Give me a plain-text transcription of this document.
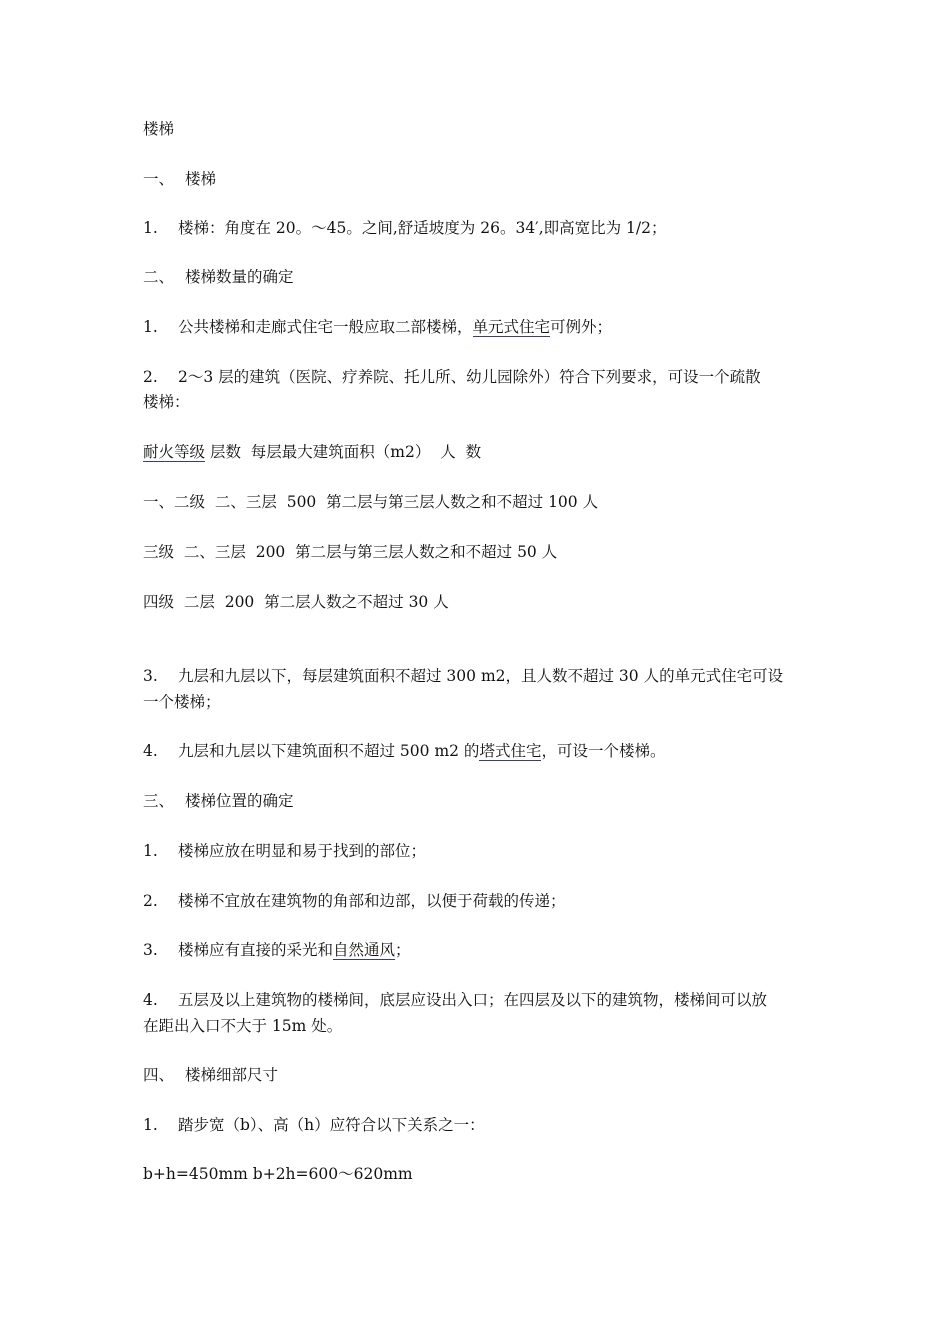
楼梯
一、 楼梯
1. 楼梯：角度在 20。～45。之间,舒适坡度为 26。34′,即高宽比为 1/2；
二、 楼梯数量的确定
1. 公共楼梯和走廊式住宅一般应取二部楼梯，单元式住宅可例外；
2. 2～3 层的建筑（医院、疗养院、托儿所、幼儿园除外）符合下列要求，可设一个疏散
楼梯：
耐火等级 层数  每层最大建筑面积（m2）  人  数
一、二级  二、三层  500  第二层与第三层人数之和不超过 100 人
三级  二、三层  200  第二层与第三层人数之和不超过 50 人
四级  二层  200  第二层人数之不超过 30 人
3. 九层和九层以下，每层建筑面积不超过 300 m2，且人数不超过 30 人的单元式住宅可设
一个楼梯；
4. 九层和九层以下建筑面积不超过 500 m2 的塔式住宅，可设一个楼梯。
三、 楼梯位置的确定
1. 楼梯应放在明显和易于找到的部位；
2. 楼梯不宜放在建筑物的角部和边部，以便于荷载的传递；
3. 楼梯应有直接的采光和自然通风；
4. 五层及以上建筑物的楼梯间，底层应设出入口；在四层及以下的建筑物，楼梯间可以放
在距出入口不大于 15m 处。
四、 楼梯细部尺寸
1. 踏步宽（b）、高（h）应符合以下关系之一：
b+h=450mm b+2h=600～620mm
